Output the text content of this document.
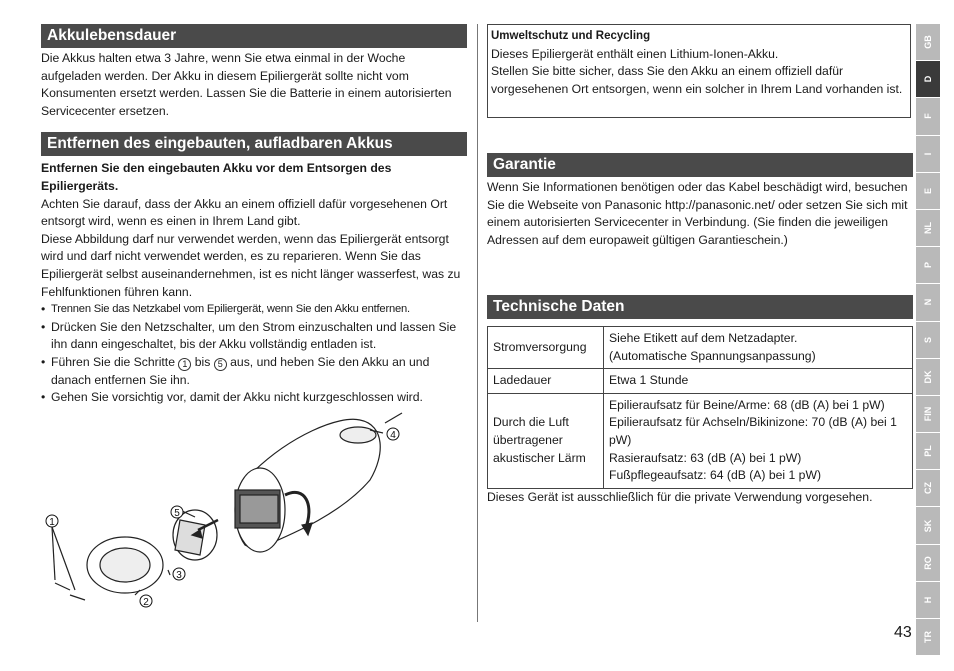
Akkulebensdauer

Die Akkus halten etwa 3 Jahre, wenn Sie etwa einmal in der Woche aufgeladen werden. Der Akku in diesem Epiliergerät sollte nicht vom Konsumenten ersetzt werden. Lassen Sie die Batterie in einem autorisierten Servicecenter ersetzen.

Entfernen des eingebauten, aufladbaren Akkus

Entfernen Sie den eingebauten Akku vor dem Entsorgen des Epiliergeräts.

Achten Sie darauf, dass der Akku an einem offiziell dafür vorgesehenen Ort entsorgt wird, wenn es einen in Ihrem Land gibt.

Diese Abbildung darf nur verwendet werden, wenn das Epiliergerät entsorgt wird und darf nicht verwendet werden, es zu reparieren. Wenn Sie das Epiliergerät selbst auseinandernehmen, ist es nicht länger wasserfest, was zu Fehlfunktionen führen kann.

• Trennen Sie das Netzkabel vom Epiliergerät, wenn Sie den Akku entfernen.
• Drücken Sie den Netzschalter, um den Strom einzuschalten und lassen Sie ihn dann eingeschaltet, bis der Akku vollständig entladen ist.
• Führen Sie die Schritte 1 bis 5 aus, und heben Sie den Akku an und danach entfernen Sie ihn.
• Gehen Sie vorsichtig vor, damit der Akku nicht kurzgeschlossen wird.
1
2
3
4
5
Umweltschutz und Recycling
Dieses Epiliergerät enthält einen Lithium-Ionen-Akku.
Stellen Sie bitte sicher, dass Sie den Akku an einem offiziell dafür vorgesehenen Ort entsorgen, wenn ein solcher in Ihrem Land vorhanden ist.
Garantie

Wenn Sie Informationen benötigen oder das Kabel beschädigt wird, besuchen Sie die Webseite von Panasonic http://panasonic.net/ oder setzen Sie sich mit einem autorisierten Servicecenter in Verbindung. (Sie finden die jeweiligen Adressen auf dem europaweit gültigen Garantieschein.)

Technische Daten
Stromversorgung	Siehe Etikett auf dem Netzadapter.
(Automatische Spannungsanpassung)

Ladedauer	Etwa 1 Stunde

Durch die Luft übertragener akustischer Lärm	Epilieraufsatz für Beine/Arme: 68 (dB (A) bei 1 pW)
Epilieraufsatz für Achseln/Bikinizone: 70 (dB (A) bei 1 pW)
Rasieraufsatz: 63 (dB (A) bei 1 pW)
Fußpflegeaufsatz: 64 (dB (A) bei 1 pW)
Dieses Gerät ist ausschließlich für die private Verwendung vorgesehen.
GB
D
F
I
E
NL
P
N
S
DK
FIN
PL
CZ
SK
RO
H
TR
43
